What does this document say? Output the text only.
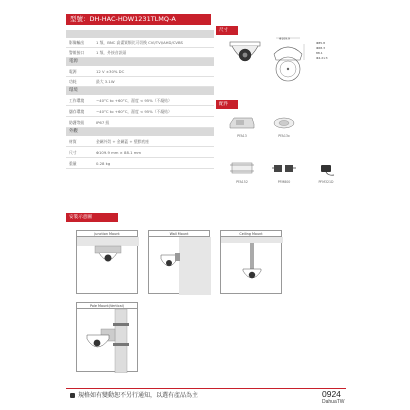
型號：DH-HAC-HDW1231TLMQ-A
影像輸出	1 頻，BNC 高畫質類比可切換 CVI/TVI/AHD/CVBS
警報接口	1 頻，外接音訊頭
電源
電源	12 V ±30% DC
功耗	最大 3.1W
環境
工作環境	−40°C to +60°C，濕度 < 95%（不凝結）
儲存環境	−40°C to +60°C，濕度 < 95%（不凝結）
防護等級	IP67 級
外觀
材質	金屬外殼 + 金屬蓋 + 塑膠底座
尺寸	Φ109.9 mm × 88.1 mm
重量	0.28 kg
尺寸
Φ109.9
Φ85.8
Φ68.3
88.1
Φ4.2×3
配件
PFA13	PFA13x
PFA152	PFM800	PFM321D
安裝示意圖
Junction Mount	Wall Mount	Ceiling Mount
Pole Mount(Vertical)
規格如有變動恕不另行通知，以選有產品為主	0924
DahuaTW
